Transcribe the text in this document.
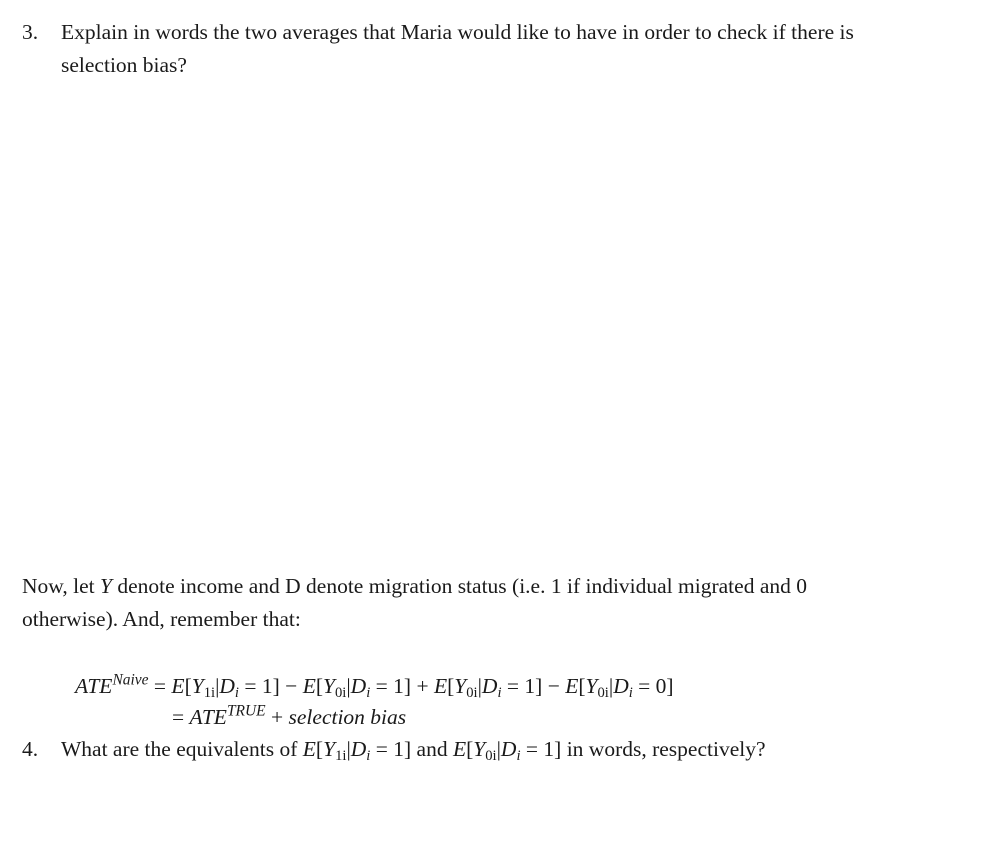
3. Explain in words the two averages that Maria would like to have in order to check if there is
selection bias?
Now, let Y denote income and D denote migration status (i.e. 1 if individual migrated and 0
otherwise). And, remember that:
$ATE^{Naive} = E[Y_{1i}|D_i = 1] - E[Y_{0i}|D_i = 1] + E[Y_{0i}|D_i = 1] - E[Y_{0i}|D_i = 0]$
= $ATE^{TRUE}$ + selection bias
4. What are the equivalents of $E[Y_{1i}|D_i = 1]$ and $E[Y_{0i}|D_i = 1]$ in words, respectively?
